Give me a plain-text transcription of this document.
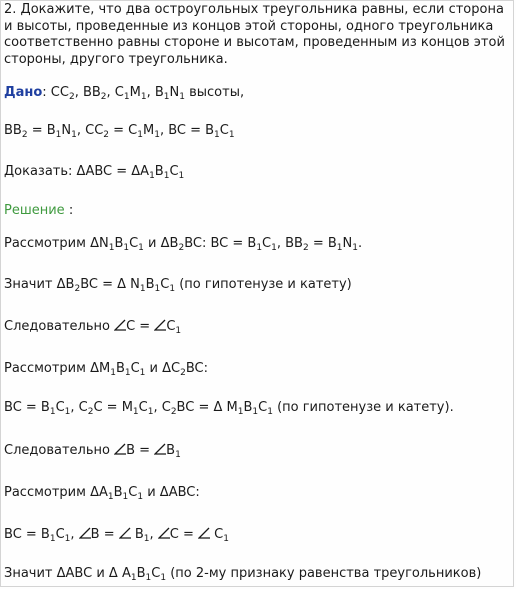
2. Докажите, что два остроугольных треугольника равны, если сторона и высоты, проведенные из концов этой стороны, одного треугольника соответственно равны стороне и высотам, проведенным из концов этой стороны, другого треугольника.
Дано: $CC_2$, $BB_2$, $C_1M_1$, $B_1N_1$ высоты,
$BB_2 = B_1N_1$, $CC_2 = C_1M_1$, BC = $B_1C_1$
Доказать: $\Delta ABC = \Delta A_1B_1C_1$
Решение :
Рассмотрим $\Delta N_1B_1C_1$ и $\Delta B_2BC$: BC = $B_1C_1$, $BB_2 = B_1N_1$.
Значит $\Delta B_2BC = \Delta$ $N_1B_1C_1$ (по гипотенузе и катету)
Следовательно $C = C_1$
Рассмотрим $\Delta M_1B_1C_1$ и $\Delta C_2BC$:
BC = $B_1C_1$, $C_2C = M_1C_1$, $C_2BC = \Delta$ $M_1B_1C_1$ (по гипотенузе и катету).
Следовательно $B = B_1$
Рассмотрим $\Delta A_1B_1C_1$ и ΔABC:
BC = $B_1C_1$, $B = B_1$, $C = C_1$
Значит ΔABC и Δ $A_1B_1C_1$ (по 2-му признаку равенства треугольников)
